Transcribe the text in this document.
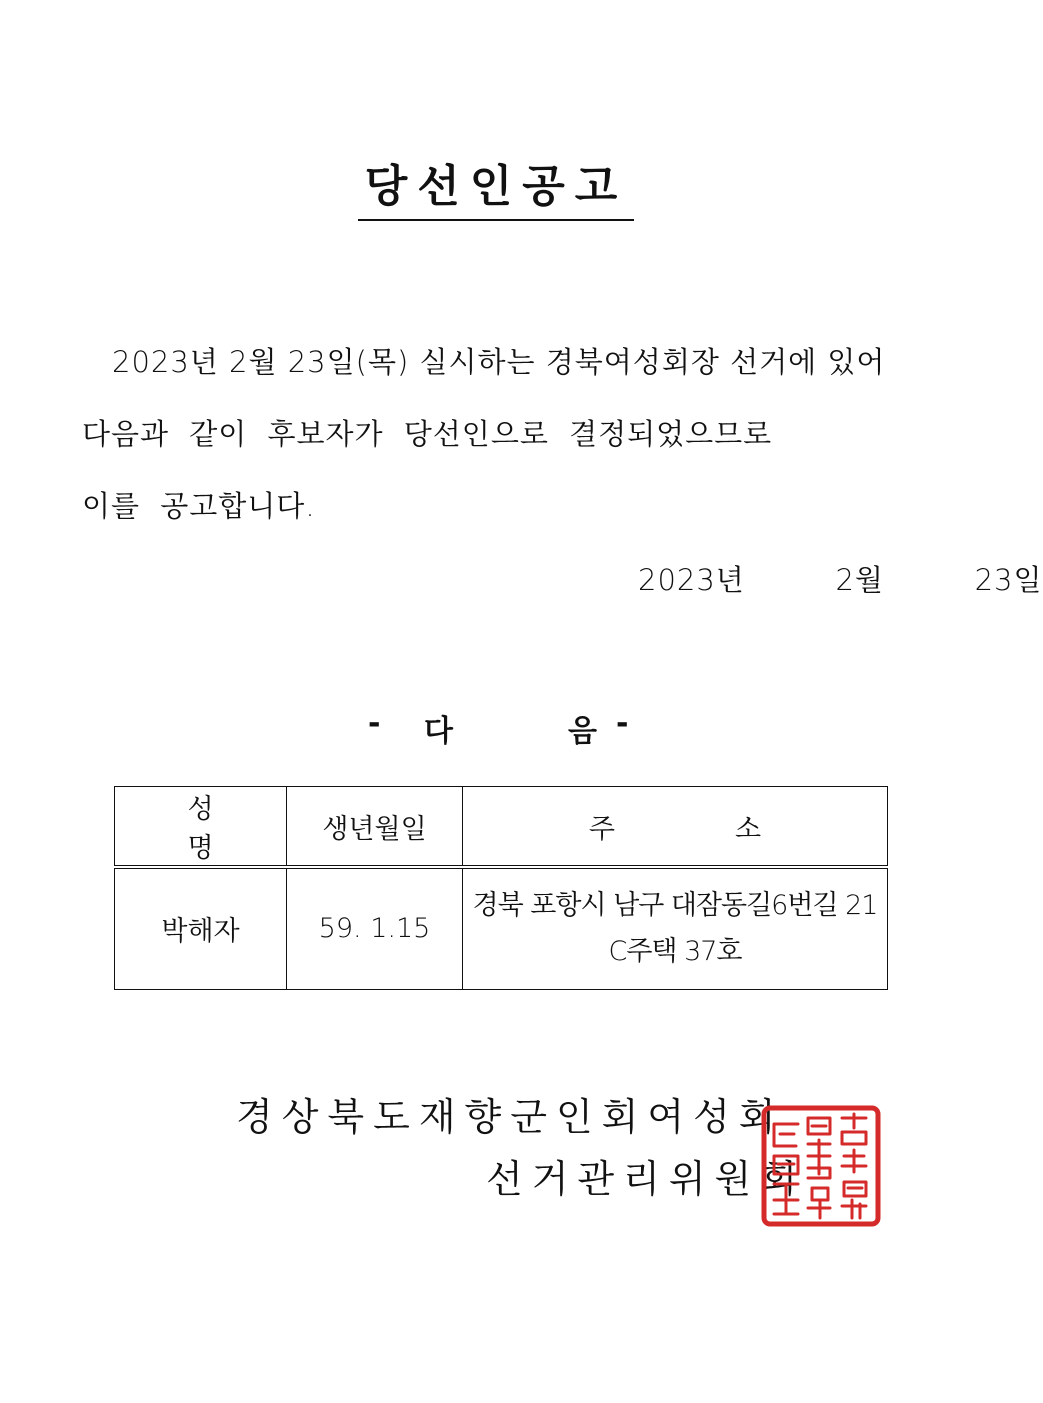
당선인공고
2023년 2월 23일(목) 실시하는 경북여성회장 선거에 있어
다음과 같이 후보자가 당선인으로 결정되었으므로
이를 공고합니다.
2023년   2월   23일
- 다	음 -
성명	생년월일	주소
박해자	59. 1.15	경북 포항시 남구 대잠동길6번길 21
C주택 37호
경상북도재향군인회여성회
선거관리위원회
